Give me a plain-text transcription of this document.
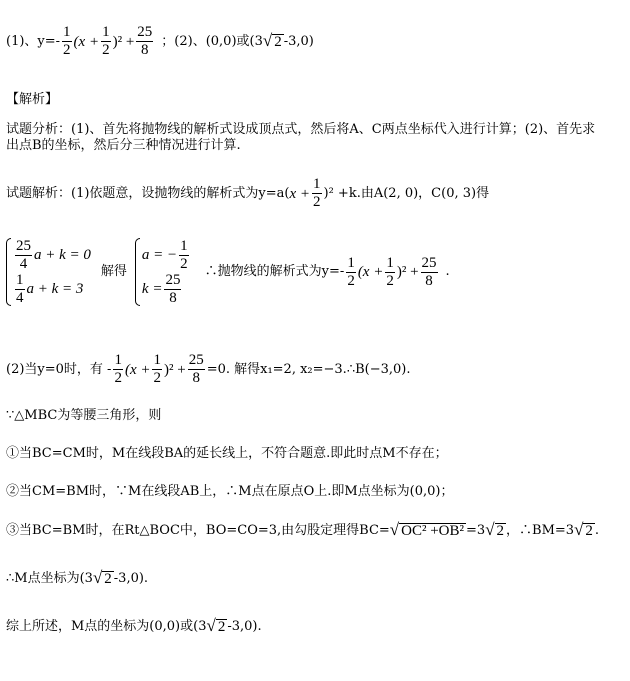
(1)、$y=- \frac{1}{2} (x + \frac{1}{2} )^2 + \frac{25}{8}$ ；(2)、(0,0)或(3 √ 2 -3,0)
【解析】
试题分析：(1)、首先将抛物线的解析式设成顶点式，然后将A、C两点坐标代入进行计算；(2)、首先求
出点B的坐标，然后分三种情况进行计算.
试题解析：(1)依题意，设抛物线的解析式为y=a( $x + \frac{1}{2} )^2 +k$.由A(2, 0)，C(0, 3)得
$\frac{25}{4}$ a + k = 0
$\frac{1}{4}$ a + k = 3
解得
a = − $\frac{1}{2}$
$k = \frac{25}{8}$ ∴抛物线的解析式为$y=- \frac{1}{2} (x + \frac{1}{2} )^2 + \frac{25}{8}$ .
(2)当y=0时，有 - $\frac{1}{2} (x + \frac{1}{2} )^2 + \frac{25}{8} =0$. 解得x₁=2, x₂=−3.∴B(−3,0).
∵△MBC为等腰三角形，则
①当BC=CM时，M在线段BA的延长线上，不符合题意.即此时点M不存在；
②当CM=BM时，∵M在线段AB上，∴M点在原点O上.即M点坐标为(0,0)；
③当BC=BM时，在Rt△BOC中，BO=CO=3,由勾股定理得BC= √ OC² +OB² =3 √ 2 ，∴BM=3 √ 2 .
∴M点坐标为(3 √ 2 -3,0).
综上所述，M点的坐标为(0,0)或(3 √ 2 -3,0).
